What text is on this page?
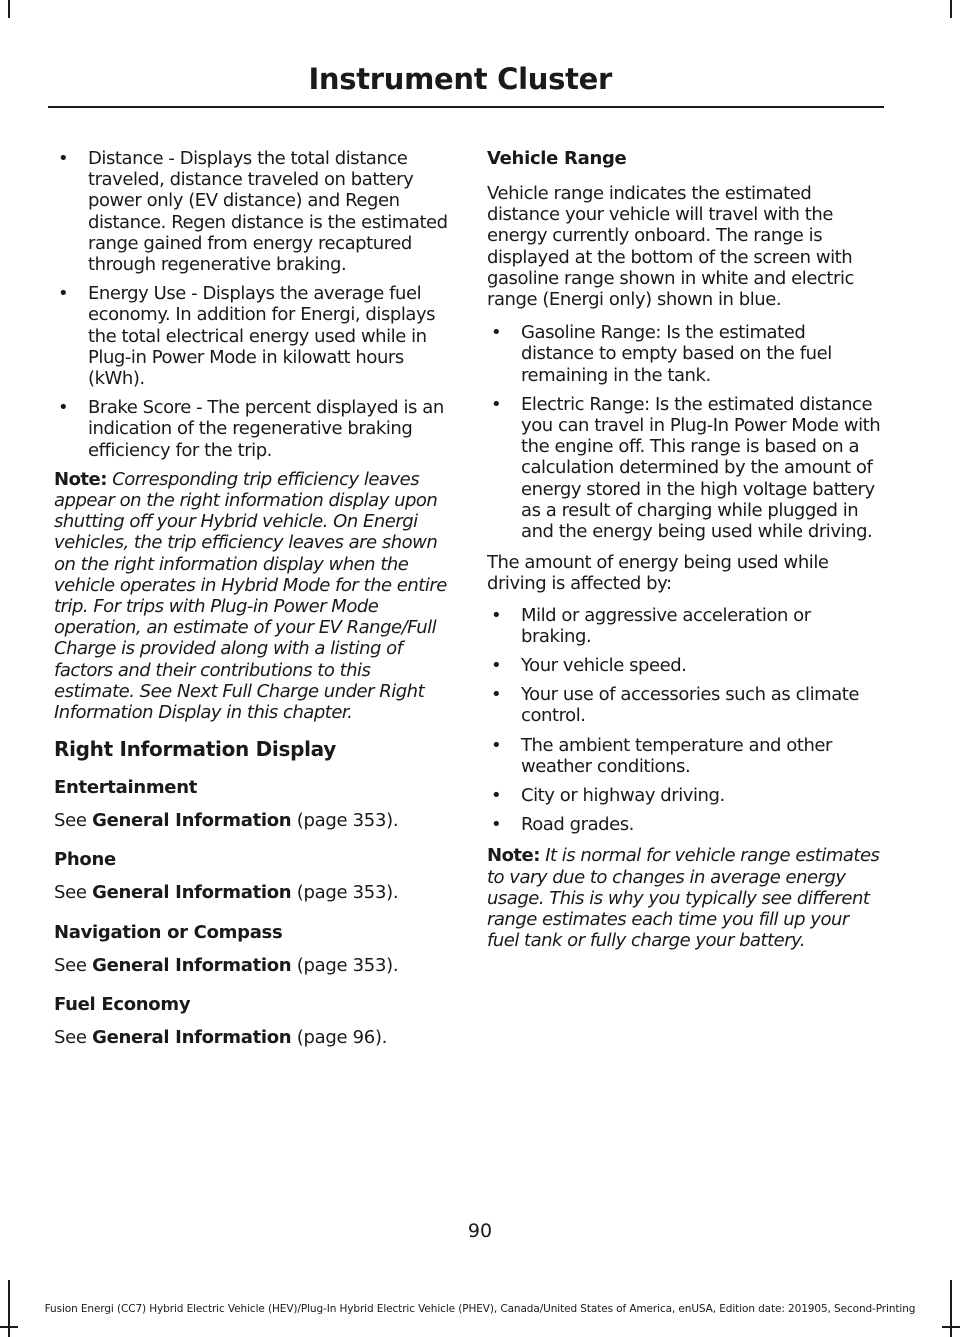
Instrument Cluster
• Distance - Displays the total distance traveled, distance traveled on battery power only (EV distance) and Regen distance. Regen distance is the estimated range gained from energy recaptured through regenerative braking.
• Energy Use - Displays the average fuel economy. In addition for Energi, displays the total electrical energy used while in Plug-in Power Mode in kilowatt hours (kWh).
• Brake Score - The percent displayed is an indication of the regenerative braking efficiency for the trip.
Note: Corresponding trip efficiency leaves appear on the right information display upon shutting off your Hybrid vehicle. On Energi vehicles, the trip efficiency leaves are shown on the right information display when the vehicle operates in Hybrid Mode for the entire trip. For trips with Plug-in Power Mode operation, an estimate of your EV Range/Full Charge is provided along with a listing of factors and their contributions to this estimate. See Next Full Charge under Right Information Display in this chapter.
Right Information Display
Entertainment
See General Information (page 353).
Phone
See General Information (page 353).
Navigation or Compass
See General Information (page 353).
Fuel Economy
See General Information (page 96).
Vehicle Range
Vehicle range indicates the estimated distance your vehicle will travel with the energy currently onboard. The range is displayed at the bottom of the screen with gasoline range shown in white and electric range (Energi only) shown in blue.
• Gasoline Range: Is the estimated distance to empty based on the fuel remaining in the tank.
• Electric Range: Is the estimated distance you can travel in Plug-In Power Mode with the engine off. This range is based on a calculation determined by the amount of energy stored in the high voltage battery as a result of charging while plugged in and the energy being used while driving.
The amount of energy being used while driving is affected by:
• Mild or aggressive acceleration or braking.
• Your vehicle speed.
• Your use of accessories such as climate control.
• The ambient temperature and other weather conditions.
• City or highway driving.
• Road grades.
Note: It is normal for vehicle range estimates to vary due to changes in average energy usage. This is why you typically see different range estimates each time you fill up your fuel tank or fully charge your battery.
90
Fusion Energi (CC7) Hybrid Electric Vehicle (HEV)/Plug-In Hybrid Electric Vehicle (PHEV), Canada/United States of America, enUSA, Edition date: 201905, Second-Printing
